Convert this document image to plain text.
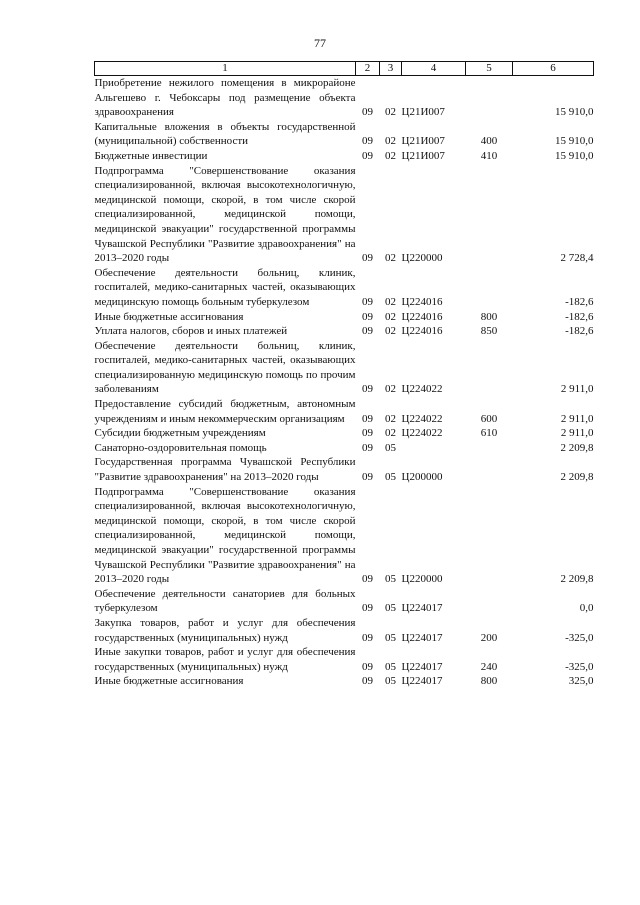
77
1	2	3	4	5	6
Приобретение нежилого помещения в микрорайоне Альгешево г. Чебоксары под размещение объекта здравоохранения	09	02	Ц21И007		15 910,0
Капитальные вложения в объекты государственной (муниципальной) собственности	09	02	Ц21И007	400	15 910,0
Бюджетные инвестиции	09	02	Ц21И007	410	15 910,0
Подпрограмма "Совершенствование оказания специализированной, включая высокотехнологичную, медицинской помощи, скорой, в том числе скорой специализированной, медицинской помощи, медицинской эвакуации" государственной программы Чувашской Республики "Развитие здравоохранения" на 2013–2020 годы	09	02	Ц220000		2 728,4
Обеспечение деятельности больниц, клиник, госпиталей, медико-санитарных частей, оказывающих медицинскую помощь больным туберкулезом	09	02	Ц224016		-182,6
Иные бюджетные ассигнования	09	02	Ц224016	800	-182,6
Уплата налогов, сборов и иных платежей	09	02	Ц224016	850	-182,6
Обеспечение деятельности больниц, клиник, госпиталей, медико-санитарных частей, оказывающих специализированную медицинскую помощь по прочим заболеваниям	09	02	Ц224022		2 911,0
Предоставление субсидий бюджетным, автономным учреждениям и иным некоммерческим организациям	09	02	Ц224022	600	2 911,0
Субсидии бюджетным учреждениям	09	02	Ц224022	610	2 911,0
Санаторно-оздоровительная помощь	09	05			2 209,8
Государственная программа Чувашской Республики "Развитие здравоохранения" на 2013–2020 годы	09	05	Ц200000		2 209,8
Подпрограмма "Совершенствование оказания специализированной, включая высокотехнологичную, медицинской помощи, скорой, в том числе скорой специализированной, медицинской помощи, медицинской эвакуации" государственной программы Чувашской Республики "Развитие здравоохранения" на 2013–2020 годы	09	05	Ц220000		2 209,8
Обеспечение деятельности санаториев для больных туберкулезом	09	05	Ц224017		0,0
Закупка товаров, работ и услуг для обеспечения государственных (муниципальных) нужд	09	05	Ц224017	200	-325,0
Иные закупки товаров, работ и услуг для обеспечения государственных (муниципальных) нужд	09	05	Ц224017	240	-325,0
Иные бюджетные ассигнования	09	05	Ц224017	800	325,0
